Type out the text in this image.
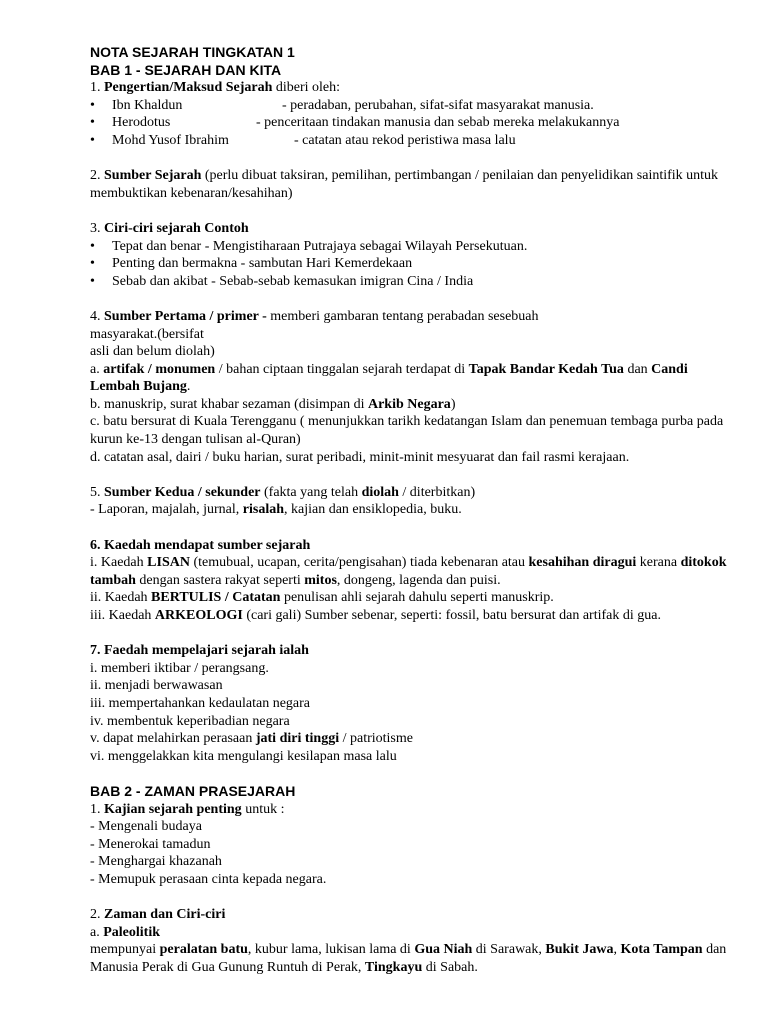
NOTA SEJARAH TINGKATAN 1
BAB 1 - SEJARAH DAN KITA

1. Pengertian/Maksud Sejarah diberi oleh:

• Ibn Khaldun	- peradaban, perubahan, sifat-sifat masyarakat manusia.
• Herodotus	- penceritaan tindakan manusia dan sebab mereka melakukannya
• Mohd Yusof Ibrahim	- catatan atau rekod peristiwa masa lalu

2. Sumber Sejarah (perlu dibuat taksiran, pemilihan, pertimbangan / penilaian dan penyelidikan saintifik untuk membuktikan kebenaran/kesahihan)

3. Ciri-ciri sejarah Contoh

• Tepat dan benar - Mengistiharaan Putrajaya sebagai Wilayah Persekutuan.
• Penting dan bermakna - sambutan Hari Kemerdekaan
• Sebab dan akibat - Sebab-sebab kemasukan imigran Cina / India

4. Sumber Pertama / primer - memberi gambaran tentang perabadan sesebuah

masyarakat.(bersifat

asli dan belum diolah)

a. artifak / monumen / bahan ciptaan tinggalan sejarah terdapat di Tapak Bandar Kedah Tua dan Candi Lembah Bujang.

b. manuskrip, surat khabar sezaman (disimpan di Arkib Negara)

c. batu bersurat di Kuala Terengganu ( menunjukkan tarikh kedatangan Islam dan penemuan tembaga purba pada kurun ke-13 dengan tulisan al-Quran)

d. catatan asal, dairi / buku harian, surat peribadi, minit-minit mesyuarat dan fail rasmi kerajaan.

5. Sumber Kedua / sekunder (fakta yang telah diolah / diterbitkan)

- Laporan, majalah, jurnal, risalah, kajian dan ensiklopedia, buku.

6. Kaedah mendapat sumber sejarah

i. Kaedah LISAN (temubual, ucapan, cerita/pengisahan) tiada kebenaran atau kesahihan diragui kerana ditokok tambah dengan sastera rakyat seperti mitos, dongeng, lagenda dan puisi.

ii. Kaedah BERTULIS / Catatan penulisan ahli sejarah dahulu seperti manuskrip.

iii. Kaedah ARKEOLOGI (cari gali) Sumber sebenar, seperti: fossil, batu bersurat dan artifak di gua.

7. Faedah mempelajari sejarah ialah

i. memberi iktibar / perangsang.

ii. menjadi berwawasan

iii. mempertahankan kedaulatan negara

iv. membentuk keperibadian negara

v. dapat melahirkan perasaan jati diri tinggi / patriotisme

vi. menggelakkan kita mengulangi kesilapan masa lalu

BAB 2 - ZAMAN PRASEJARAH

1. Kajian sejarah penting untuk :

- Mengenali budaya

- Menerokai tamadun

- Menghargai khazanah

- Memupuk perasaan cinta kepada negara.

2. Zaman dan Ciri-ciri

a. Paleolitik

mempunyai peralatan batu, kubur lama, lukisan lama di Gua Niah di Sarawak, Bukit Jawa, Kota Tampan dan Manusia Perak di Gua Gunung Runtuh di Perak, Tingkayu di Sabah.
